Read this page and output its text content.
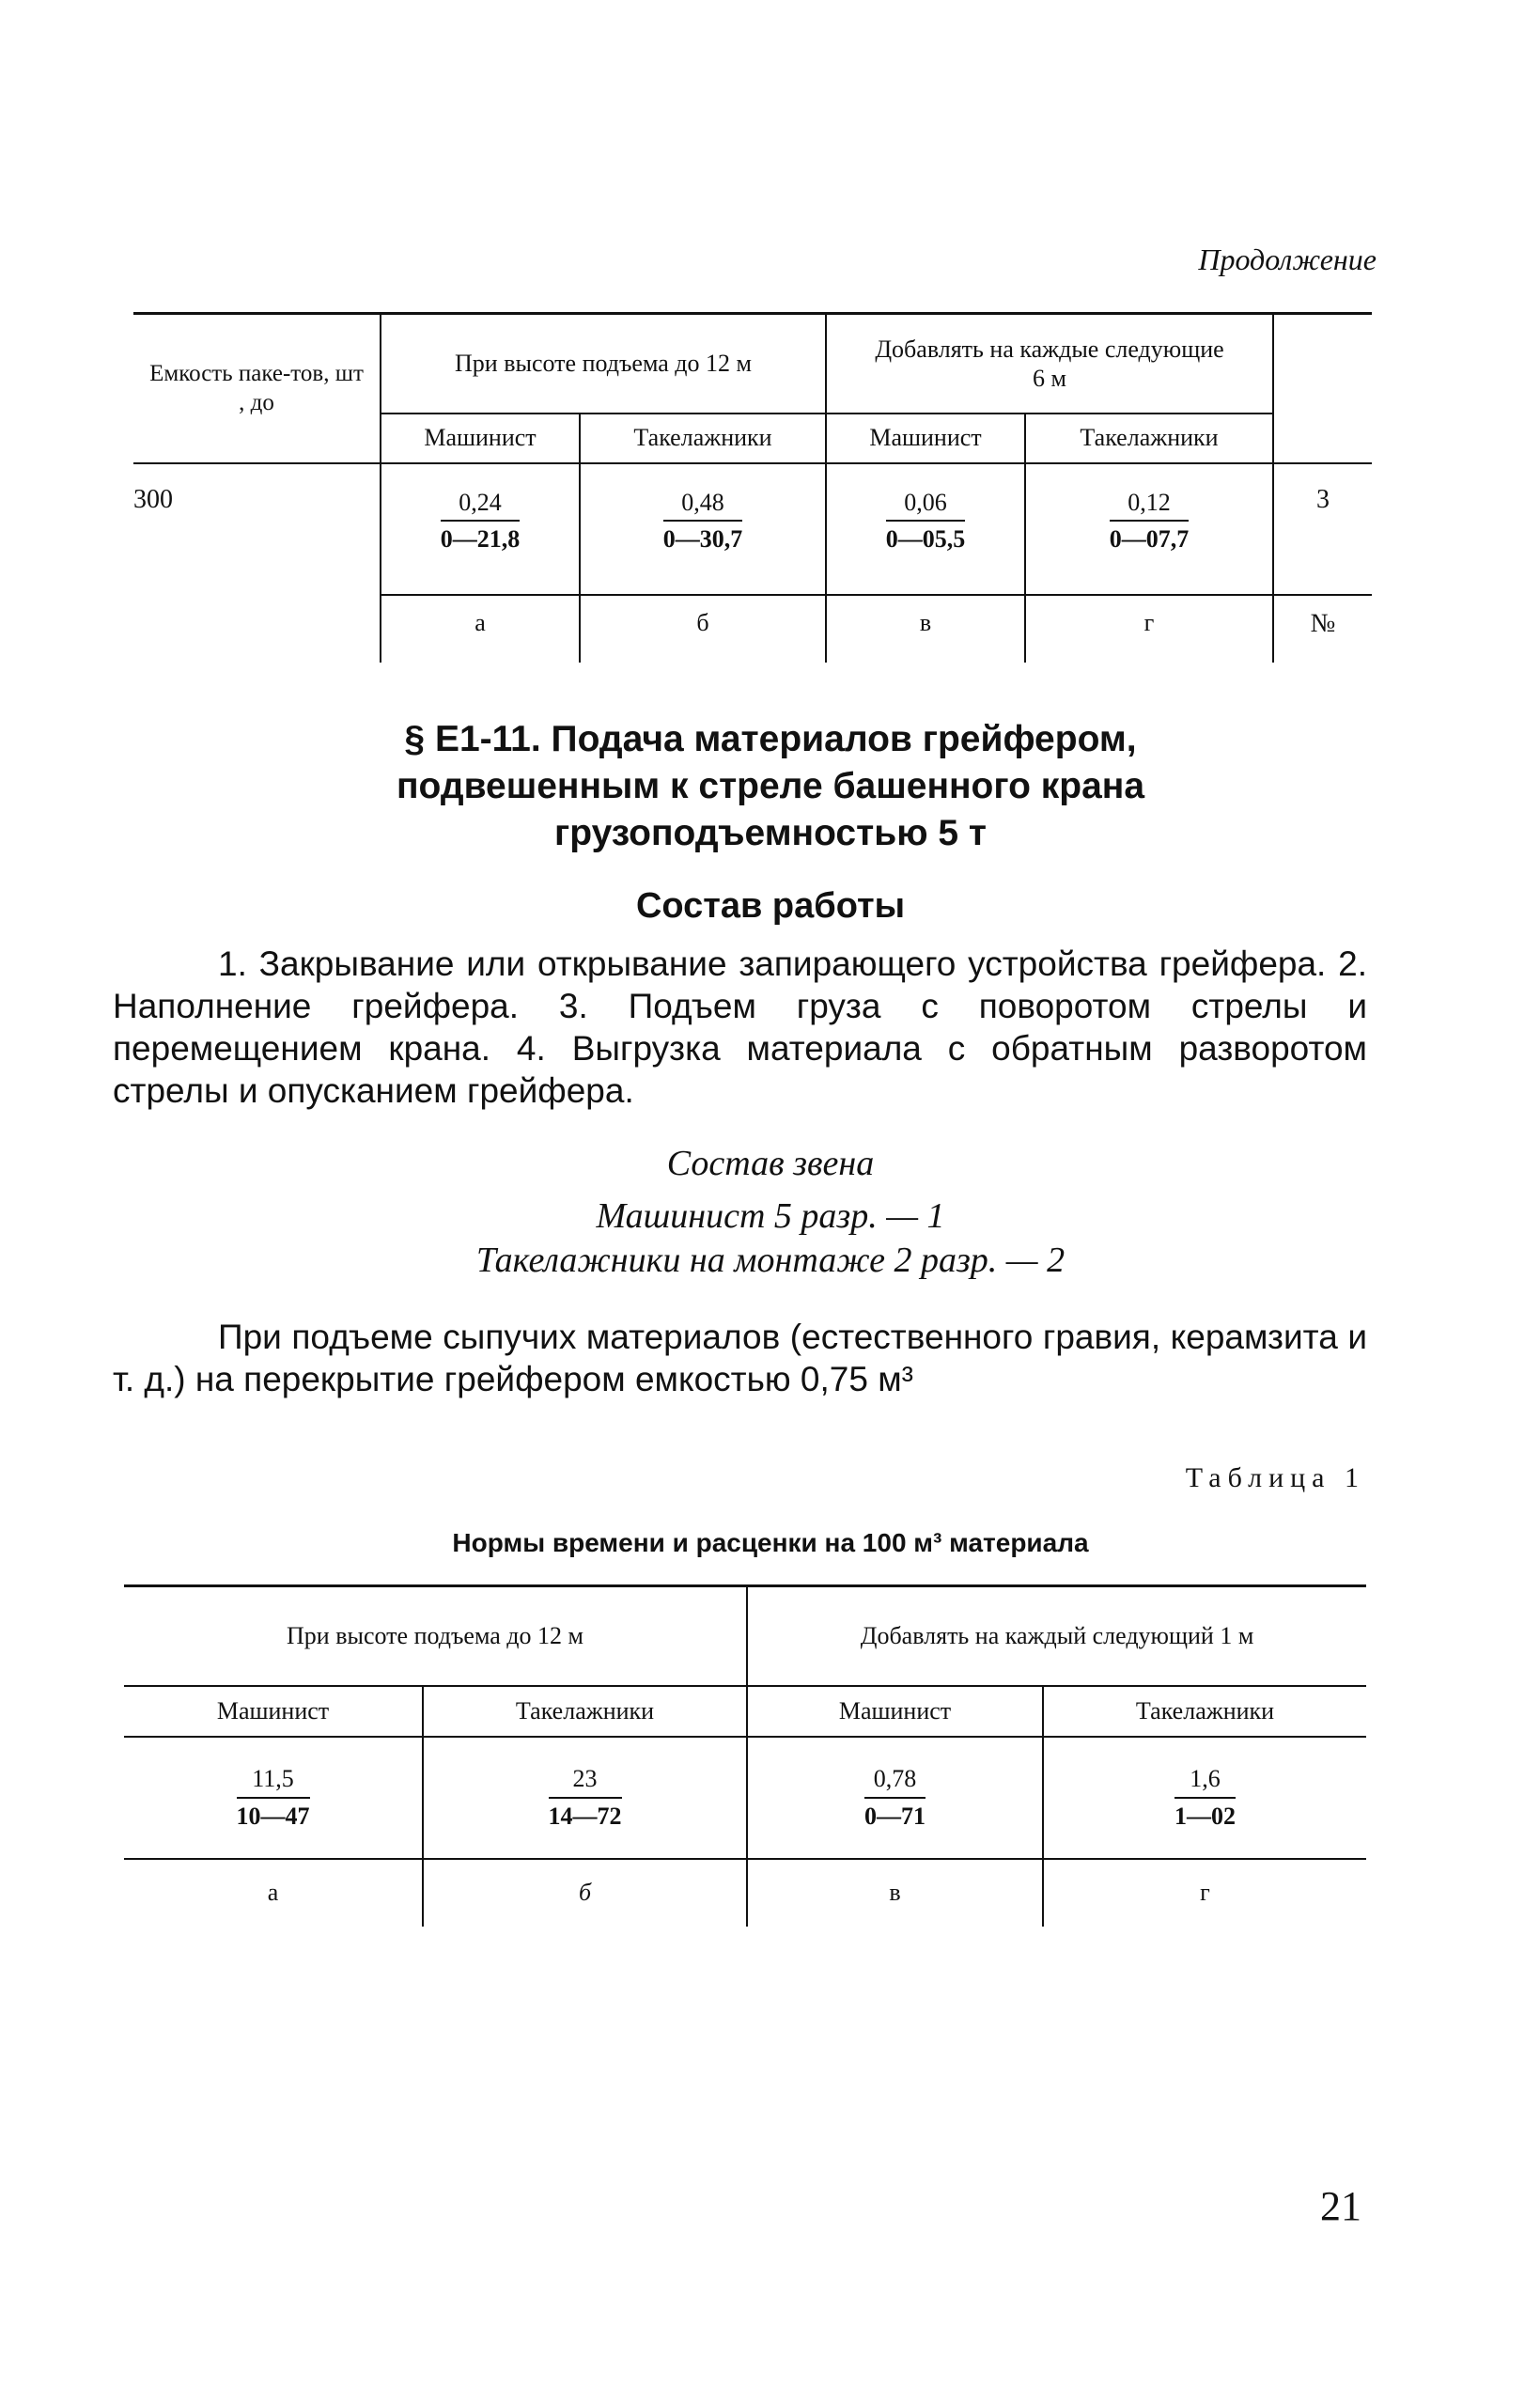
Продолжение
Емкость паке-тов, шт , до	При высоте подъема до 12 м		Добавлять на каждые следующие 6 м		
	Машинист	Такелажники	Машинист	Такелажники	
300	$\frac{0,24}{0—21,8}$	$\frac{0,48}{0—30,7}$	$\frac{0,06}{0—05,5}$	$\frac{0,12}{0—07,7}$	3
	а	б	в	г	№
§ Е1-11. Подача материалов грейфером,
подвешенным к стреле башенного крана
грузоподъемностью 5 т
Состав работы
1. Закрывание или открывание запирающего устройства грейфера. 2. Наполнение грейфера. 3. Подъем груза с поворотом стрелы и перемещением крана. 4. Выгрузка материала с обратным разворотом стрелы и опусканием грейфера.
Состав звена
Машинист 5 разр. — 1
Такелажники на монтаже 2 разр. — 2
При подъеме сыпучих материалов (естественного гравия, керамзита и т. д.) на перекрытие грейфером емкостью 0,75 м³
Таблица 1
Нормы времени и расценки на 100 м³ материала
При высоте подъема до 12 м		Добавлять на каждый следующий 1 м	
Машинист	Такелажники	Машинист	Такелажники

$\frac{11,5}{10—47}$	$\frac{23}{14—72}$	$\frac{0,78}{0—71}$	$\frac{1,6}{1—02}$

а	б	в	г
21
